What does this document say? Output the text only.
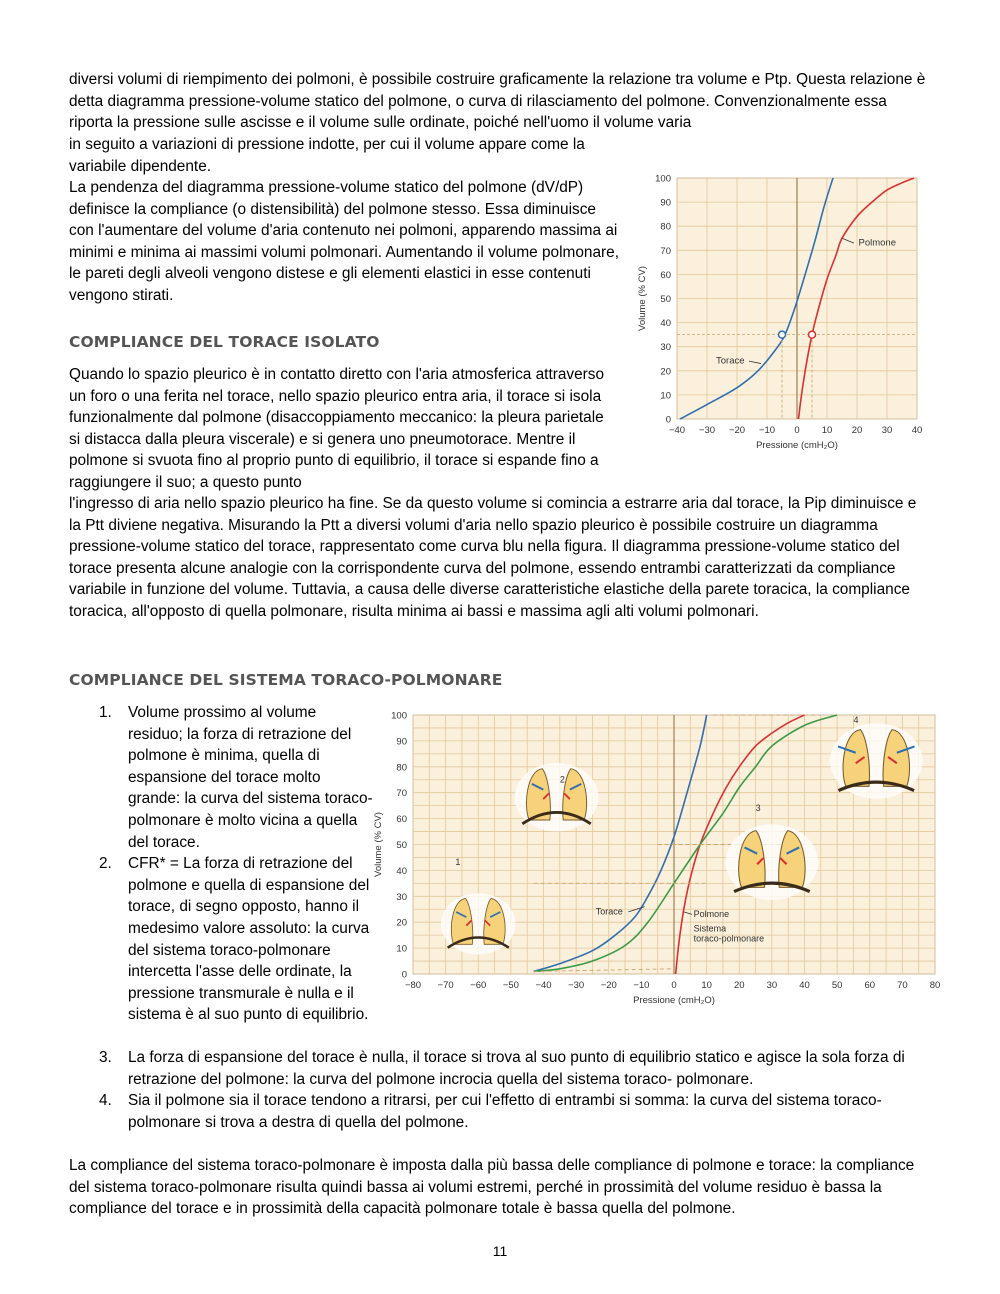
diversi volumi di riempimento dei polmoni, è possibile costruire graficamente la relazione tra volume e Ptp. Questa relazione è detta diagramma pressione-volume statico del polmone, o curva di rilasciamento del polmone. Convenzionalmente essa riporta la pressione sulle ascisse e il volume sulle ordinate, poiché nell'uomo il volume varia

in seguito a variazioni di pressione indotte, per cui il volume appare come la variabile dipendente.

La pendenza del diagramma pressione-volume statico del polmone (dV/dP) definisce la compliance (o distensibilità) del polmone stesso. Essa diminuisce con l'aumentare del volume d'aria contenuto nei polmoni, apparendo massima ai minimi e minima ai massimi volumi polmonari. Aumentando il volume polmonare, le pareti degli alveoli vengono distese e gli elementi elastici in esse contenuti vengono stirati.

COMPLIANCE DEL TORACE ISOLATO

Quando lo spazio pleurico è in contatto diretto con l'aria atmosferica attraverso un foro o una ferita nel torace, nello spazio pleurico entra aria, il torace si isola funzionalmente dal polmone (disaccoppiamento meccanico: la pleura parietale si distacca dalla pleura viscerale) e si genera uno pneumotorace. Mentre il polmone si svuota fino al proprio punto di equilibrio, il torace si espande fino a raggiungere il suo; a questo punto

l'ingresso di aria nello spazio pleurico ha fine. Se da questo volume si comincia a estrarre aria dal torace, la Pip diminuisce e la Ptt diviene negativa. Misurando la Ptt a diversi volumi d'aria nello spazio pleurico è possibile costruire un diagramma pressione-volume statico del torace, rappresentato come curva blu nella figura. Il diagramma pressione-volume statico del torace presenta alcune analogie con la corrispondente curva del polmone, essendo entrambi caratterizzati da compliance variabile in funzione del volume. Tuttavia, a causa delle diverse caratteristiche elastiche della parete toracica, la compliance toracica, all'opposto di quella polmonare, risulta minima ai bassi e massima agli alti volumi polmonari.

−40 −30 −20 −10 0 10 20 30 40
0
10
20
30
40
50
60
70
80
90
100
Pressione (cmH₂O)
Volume (% CV)
Polmone
Torace
COMPLIANCE DEL SISTEMA TORACO-POLMONARE
1. Volume prossimo al volume residuo; la forza di retrazione del polmone è minima, quella di espansione del torace molto grande: la curva del sistema toraco-polmonare è molto vicina a quella del torace.
2. CFR* = La forza di retrazione del polmone e quella di espansione del torace, di segno opposto, hanno il medesimo valore assoluto: la curva del sistema toraco-polmonare intercetta l'asse delle ordinate, la pressione transmurale è nulla e il sistema è al suo punto di equilibrio.
3. La forza di espansione del torace è nulla, il torace si trova al suo punto di equilibrio statico e agisce la sola forza di retrazione del polmone: la curva del polmone incrocia quella del sistema toraco- polmonare.
4. Sia il polmone sia il torace tendono a ritrarsi, per cui l'effetto di entrambi si somma: la curva del sistema toraco-polmonare si trova a destra di quella del polmone.
−80 −70 −60 −50 −40 −30 −20 −10 0	10 20 30 40 50 60 70 80
0
10
20
30
40
50
60
70
80
90
100
Pressione (cmH₂O)
Volume (% CV)
Torace	Polmone
Sistema
toraco-polmonare
1
2
3
4

La compliance del sistema toraco-polmonare è imposta dalla più bassa delle compliance di polmone e torace: la compliance del sistema toraco-polmonare risulta quindi bassa ai volumi estremi, perché in prossimità del volume residuo è bassa la compliance del torace e in prossimità della capacità polmonare totale è bassa quella del polmone.

11
